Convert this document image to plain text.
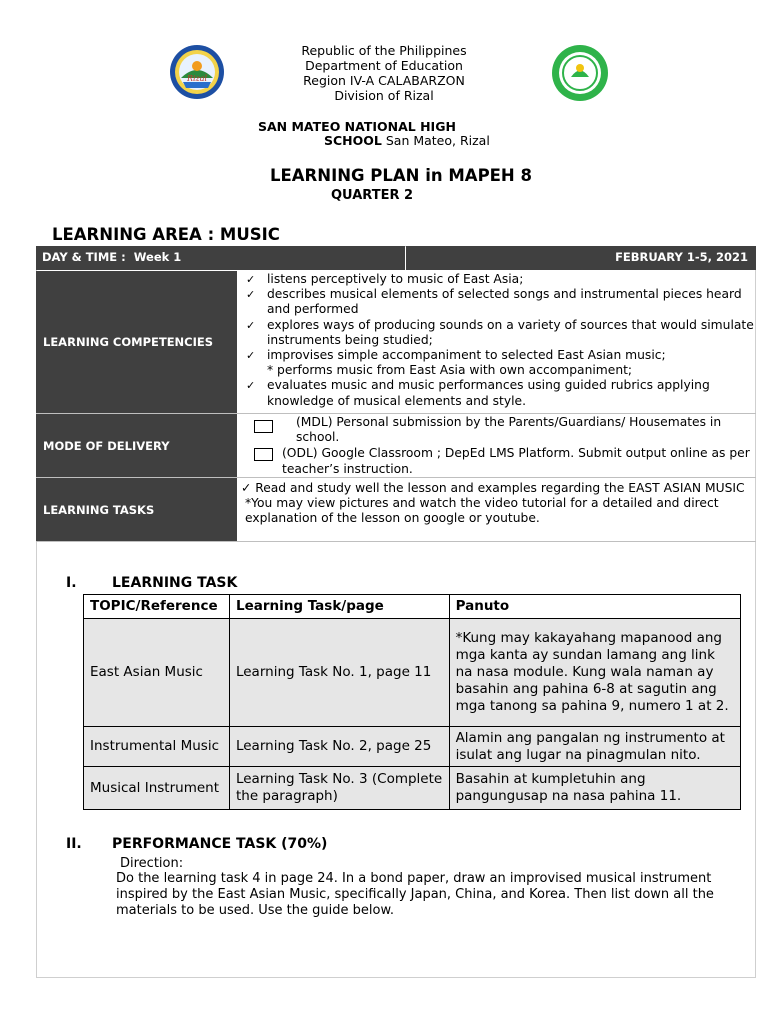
Rizal
Republic of the Philippines
Department of Education
Region IV-A CALABARZON
Division of Rizal
SAN MATEO NATIONAL HIGH
SCHOOL San Mateo, Rizal
LEARNING PLAN in MAPEH 8
QUARTER 2
LEARNING AREA : MUSIC
DAY & TIME : Week 1	FEBRUARY 1-5, 2021
LEARNING COMPETENCIES
✓ listens perceptively to music of East Asia;
✓ describes musical elements of selected songs and instrumental pieces heard and performed
✓ explores ways of producing sounds on a variety of sources that would simulate instruments being studied;
✓ improvises simple accompaniment to selected East Asian music;
* performs music from East Asia with own accompaniment;
✓ evaluates music and music performances using guided rubrics applying knowledge of musical elements and style.
MODE OF DELIVERY
(MDL) Personal submission by the Parents/Guardians/ Housemates in school.
(ODL) Google Classroom ; DepEd LMS Platform. Submit output online as per teacher’s instruction.
LEARNING TASKS
✓ Read and study well the lesson and examples regarding the EAST ASIAN MUSIC
*You may view pictures and watch the video tutorial for a detailed and direct explanation of the lesson on google or youtube.
I.	LEARNING TASK
TOPIC/Reference	Learning Task/page	Panuto
East Asian Music	Learning Task No. 1, page 11	*Kung may kakayahang mapanood ang mga kanta ay sundan lamang ang link na nasa module. Kung wala naman ay basahin ang pahina 6-8 at sagutin ang mga tanong sa pahina 9, numero 1 at 2.
Instrumental Music	Learning Task No. 2, page 25	Alamin ang pangalan ng instrumento at isulat ang lugar na pinagmulan nito.
Musical Instrument	Learning Task No. 3 (Complete the paragraph)	Basahin at kumpletuhin ang pangungusap na nasa pahina 11.
II. PERFORMANCE TASK (70%)
Direction:
Do the learning task 4 in page 24. In a bond paper, draw an improvised musical instrument inspired by the East Asian Music, specifically Japan, China, and Korea. Then list down all the materials to be used. Use the guide below.
